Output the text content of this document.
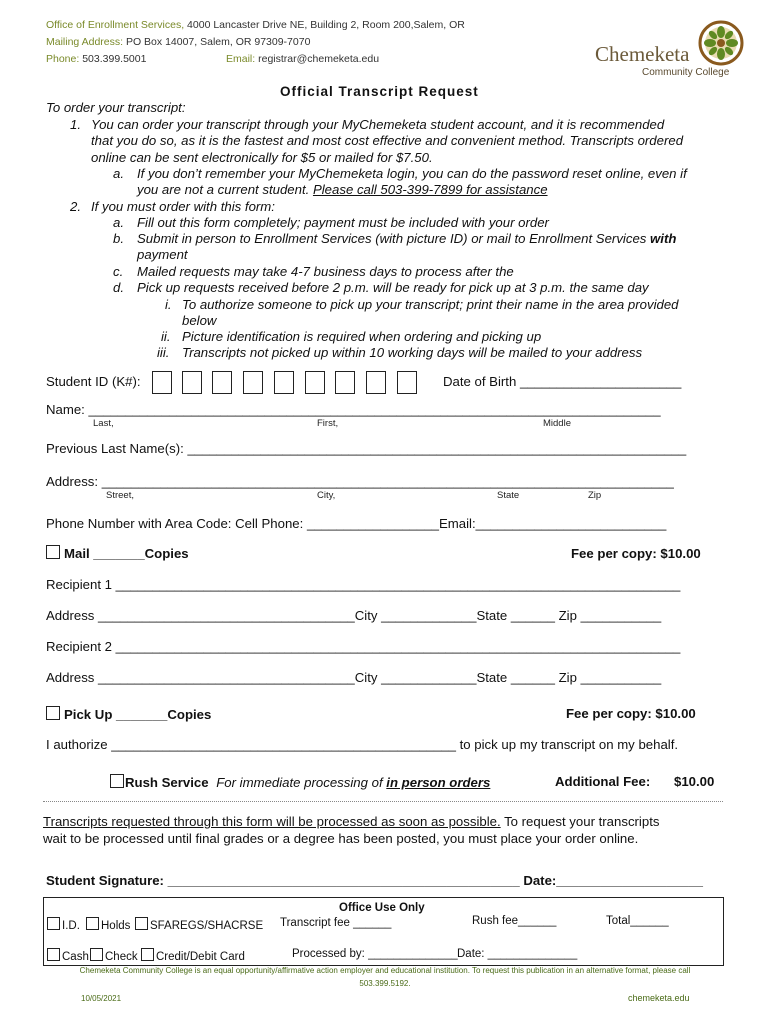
Office of Enrollment Services, 4000 Lancaster Drive NE, Building 2, Room 200,Salem, OR
Mailing Address: PO Box 14007, Salem, OR 97309-7070
Phone: 503.399.5001	Email: registrar@chemeketa.edu	Chemeketa
Community College
Official Transcript Request
To order your transcript:
1. You can order your transcript through your MyChemeketa student account, and it is recommended
that you do so, as it is the fastest and most cost effective and convenient method. Transcripts ordered
online can be sent electronically for $5 or mailed for $7.50.
a. If you don’t remember your MyChemeketa login, you can do the password reset online, even if
you are not a current student. Please call 503-399-7899 for assistance
2. If you must order with this form:
a. Fill out this form completely; payment must be included with your order
b. Submit in person to Enrollment Services (with picture ID) or mail to Enrollment Services with
payment
c. Mailed requests may take 4-7 business days to process after the
d. Pick up requests received before 2 p.m. will be ready for pick up at 3 p.m. the same day
i. To authorize someone to pick up your transcript; print their name in the area provided
below
ii. Picture identification is required when ordering and picking up
iii. Transcripts not picked up within 10 working days will be mailed to your address
Student ID (K#):	Date of Birth ______________________
Name: ______________________________________________________________________________
Last,	First,	Middle
Previous Last Name(s): ____________________________________________________________________
Address: ______________________________________________________________________________
Street,	City,	State	Zip
Phone Number with Area Code: Cell Phone: __________________Email:__________________________
Mail _______Copies	Fee per copy: $10.00
Recipient 1 _____________________________________________________________________________
Address ___________________________________City _____________State ______ Zip ___________
Recipient 2 _____________________________________________________________________________
Address ___________________________________City _____________State ______ Zip ___________
Pick Up _______Copies	Fee per copy: $10.00
I authorize _______________________________________________ to pick up my transcript on my behalf.
Rush Service For immediate processing of in person orders	Additional Fee: $10.00
Transcripts requested through this form will be processed as soon as possible. To request your transcripts
wait to be processed until final grades or a degree has been posted, you must place your order online.
Student Signature: ________________________________________________ Date:____________________
Office Use Only
I.D.	Holds	SFAREGS/SHACRSE Transcript fee ______	Rush fee______	Total______
Cash	Check	Credit/Debit Card	Processed by: ______________ Date: ______________
Chemeketa Community College is an equal opportunity/affirmative action employer and educational institution. To request this publication in an alternative format, please call
503.399.5192.
10/05/2021	chemeketa.edu
